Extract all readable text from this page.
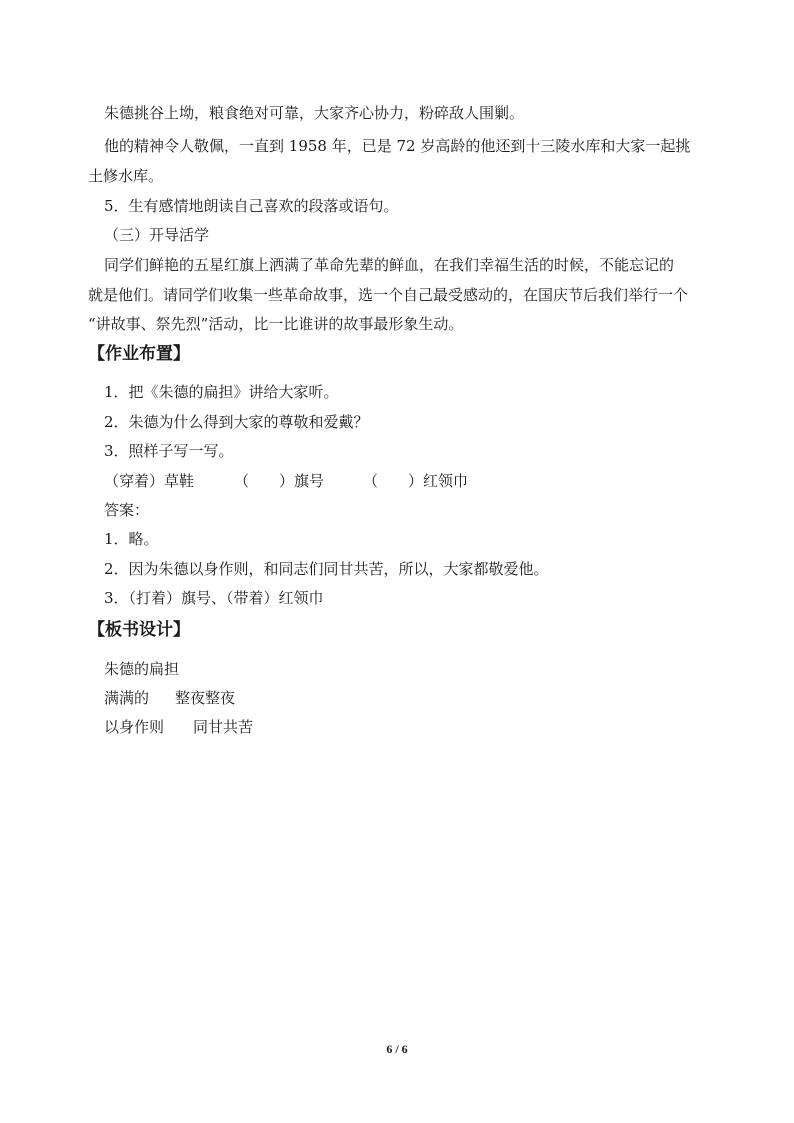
朱德挑谷上坳，粮食绝对可靠，大家齐心协力，粉碎敌人围剿。
他的精神令人敬佩，一直到 1958 年，已是 72 岁高龄的他还到十三陵水库和大家一起挑
土修水库。
5．生有感情地朗读自己喜欢的段落或语句。
（三）开导活学
同学们鲜艳的五星红旗上洒满了革命先辈的鲜血，在我们幸福生活的时候，不能忘记的
就是他们。请同学们收集一些革命故事，选一个自己最受感动的，在国庆节后我们举行一个
“讲故事、祭先烈”活动，比一比谁讲的故事最形象生动。
【作业布置】
1．把《朱德的扁担》讲给大家听。
2．朱德为什么得到大家的尊敬和爱戴？
3．照样子写一写。
（穿着）草鞋	（　　）旗号	（　　）红领巾
答案：
1．略。
2．因为朱德以身作则，和同志们同甘共苦，所以，大家都敬爱他。
3．（打着）旗号、（带着）红领巾
【板书设计】
朱德的扁担
满满的 整夜整夜
以身作则 同甘共苦
6 / 6
